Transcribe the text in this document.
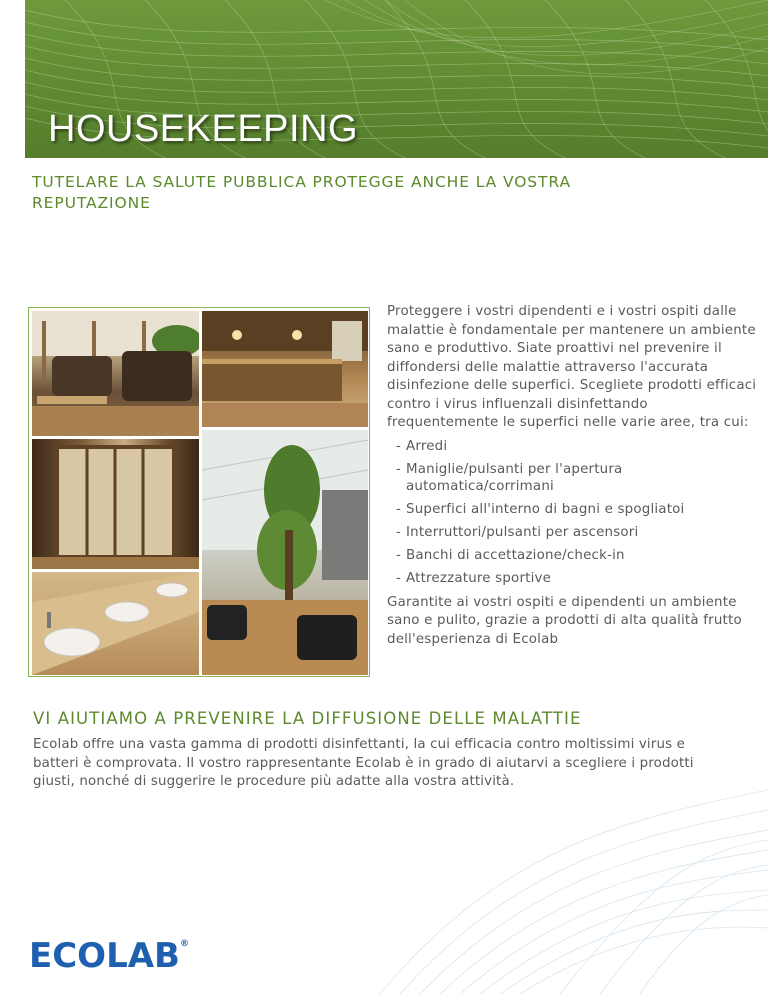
HOUSEKEEPING
TUTELARE LA SALUTE PUBBLICA PROTEGGE ANCHE LA VOSTRA REPUTAZIONE

Proteggere i vostri dipendenti e i vostri ospiti dalle malattie è fondamentale per mantenere un ambiente sano e produttivo. Siate proattivi nel prevenire il diffondersi delle malattie attraverso l'accurata disinfezione delle superfici. Scegliete prodotti efficaci contro i virus influenzali disinfettando frequentemente le superfici nelle varie aree, tra cui:

- Arredi
- Maniglie/pulsanti per l'apertura automatica/corrimani
- Superfici all'interno di bagni e spogliatoi
- Interruttori/pulsanti per ascensori
- Banchi di accettazione/check-in
- Attrezzature sportive

Garantite ai vostri ospiti e dipendenti un ambiente sano e pulito, grazie a prodotti di alta qualità frutto dell'esperienza di Ecolab

VI AIUTIAMO A PREVENIRE LA DIFFUSIONE DELLE MALATTIE

Ecolab offre una vasta gamma di prodotti disinfettanti, la cui efficacia contro moltissimi virus e batteri è comprovata. Il vostro rappresentante Ecolab è in grado di aiutarvi a scegliere i prodotti giusti, nonché di suggerire le procedure più adatte alla vostra attività.

ECOLAB®
